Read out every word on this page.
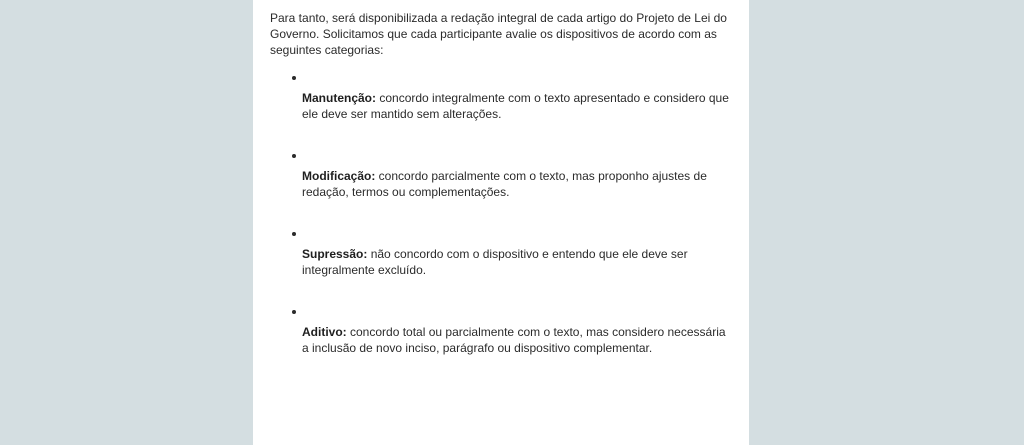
Para tanto, será disponibilizada a redação integral de cada artigo do Projeto de Lei do Governo. Solicitamos que cada participante avalie os dispositivos de acordo com as seguintes categorias:

Manutenção: concordo integralmente com o texto apresentado e considero que ele deve ser mantido sem alterações.

Modificação: concordo parcialmente com o texto, mas proponho ajustes de redação, termos ou complementações.

Supressão: não concordo com o dispositivo e entendo que ele deve ser integralmente excluído.

Aditivo: concordo total ou parcialmente com o texto, mas considero necessária a inclusão de novo inciso, parágrafo ou dispositivo complementar.
